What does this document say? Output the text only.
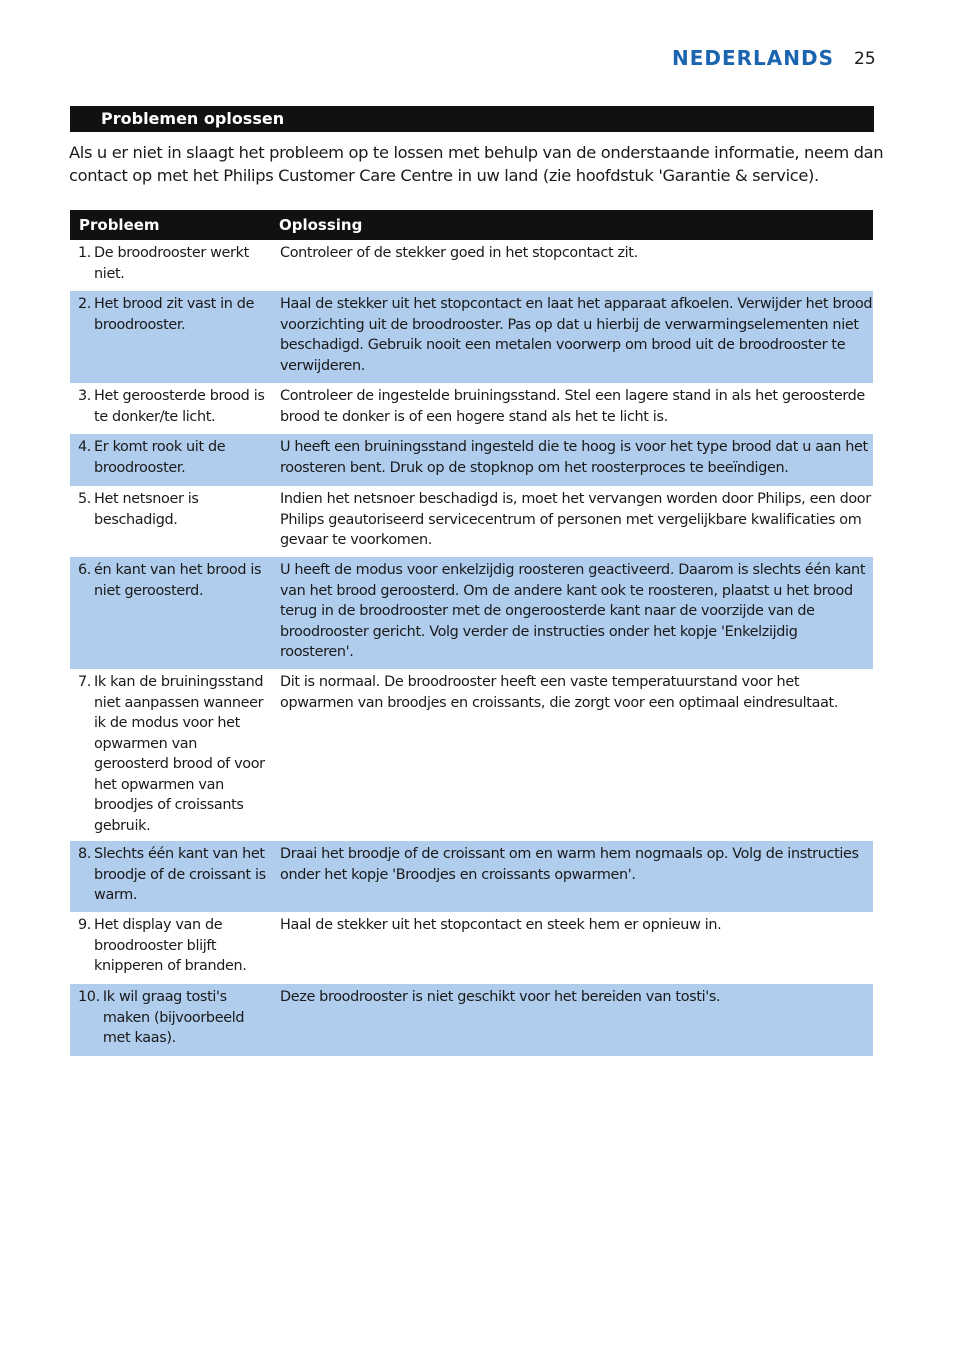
NEDERLANDS 25
Problemen oplossen
Als u er niet in slaagt het probleem op te lossen met behulp van de onderstaande informatie, neem dan contact op met het Philips Customer Care Centre in uw land (zie hoofdstuk 'Garantie & service).
Probleem	Oplossing
1. De broodrooster werkt niet.
Controleer of de stekker goed in het stopcontact zit.
2. Het brood zit vast in de broodrooster.
Haal de stekker uit het stopcontact en laat het apparaat afkoelen. Verwijder het brood voorzichting uit de broodrooster. Pas op dat u hierbij de verwarmingselementen niet beschadigd. Gebruik nooit een metalen voorwerp om brood uit de broodrooster te verwijderen.
3. Het geroosterde brood is te donker/te licht.
Controleer de ingestelde bruiningsstand. Stel een lagere stand in als het geroosterde brood te donker is of een hogere stand als het te licht is.
4. Er komt rook uit de broodrooster.
U heeft een bruiningsstand ingesteld die te hoog is voor het type brood dat u aan het roosteren bent. Druk op de stopknop om het roosterproces te beeïndigen.
5. Het netsnoer is beschadigd.
Indien het netsnoer beschadigd is, moet het vervangen worden door Philips, een door Philips geautoriseerd servicecentrum of personen met vergelijkbare kwalificaties om gevaar te voorkomen.
6. én kant van het brood is niet geroosterd.
U heeft de modus voor enkelzijdig roosteren geactiveerd. Daarom is slechts één kant van het brood geroosterd. Om de andere kant ook te roosteren, plaatst u het brood terug in de broodrooster met de ongeroosterde kant naar de voorzijde van de broodrooster gericht. Volg verder de instructies onder het kopje 'Enkelzijdig roosteren'.
7. Ik kan de bruiningsstand niet aanpassen wanneer ik de modus voor het opwarmen van geroosterd brood of voor het opwarmen van broodjes of croissants gebruik.
Dit is normaal. De broodrooster heeft een vaste temperatuurstand voor het opwarmen van broodjes en croissants, die zorgt voor een optimaal eindresultaat.
8. Slechts één kant van het broodje of de croissant is warm.
Draai het broodje of de croissant om en warm hem nogmaals op. Volg de instructies onder het kopje 'Broodjes en croissants opwarmen'.
9. Het display van de broodrooster blijft knipperen of branden.
Haal de stekker uit het stopcontact en steek hem er opnieuw in.
10. Ik wil graag tosti's maken (bijvoorbeeld met kaas).
Deze broodrooster is niet geschikt voor het bereiden van tosti's.
